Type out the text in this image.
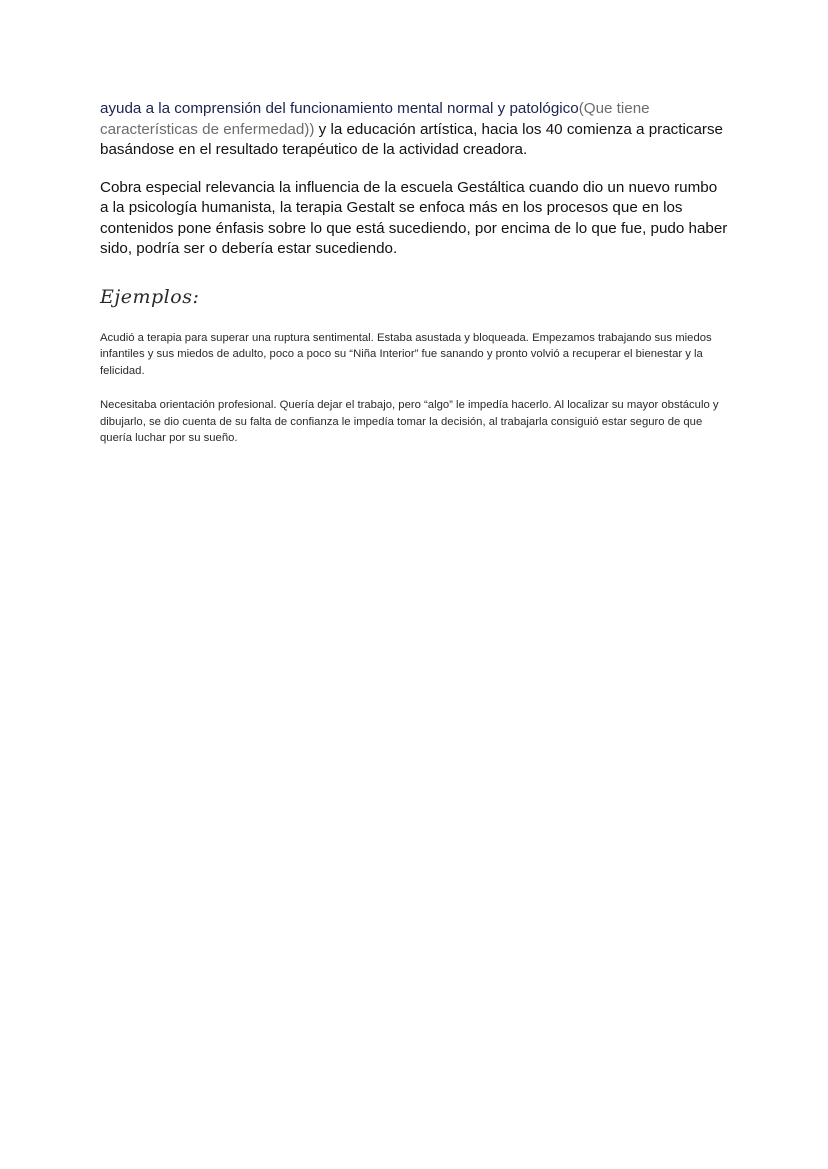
ayuda a la comprensión del funcionamiento mental normal y patológico(Que tiene características de enfermedad)) y la educación artística, hacia los 40 comienza a practicarse basándose en el resultado terapéutico de la actividad creadora.

Cobra especial relevancia la influencia de la escuela Gestáltica cuando dio un nuevo rumbo a la psicología humanista, la terapia Gestalt se enfoca más en los procesos que en los contenidos pone énfasis sobre lo que está sucediendo, por encima de lo que fue, pudo haber sido, podría ser o debería estar sucediendo.

Ejemplos:

Acudió a terapia para superar una ruptura sentimental. Estaba asustada y bloqueada. Empezamos trabajando sus miedos infantiles y sus miedos de adulto, poco a poco su “Niña Interior” fue sanando y pronto volvió a recuperar el bienestar y la felicidad.

Necesitaba orientación profesional. Quería dejar el trabajo, pero “algo” le impedía hacerlo. Al localizar su mayor obstáculo y dibujarlo, se dio cuenta de su falta de confianza le impedía tomar la decisión, al trabajarla consiguió estar seguro de que quería luchar por su sueño.
